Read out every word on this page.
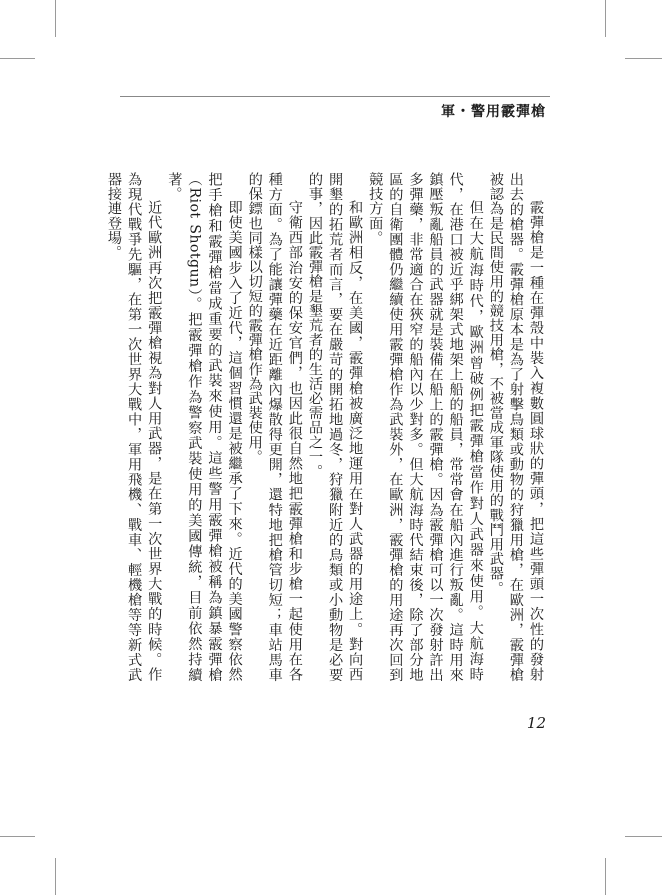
軍・警用霰彈槍

霰彈槍是一種在彈殼中裝入複數圓球狀的彈頭，把這些彈頭一次性的發射出去的槍器。霰彈槍原本是為了射擊鳥類或動物的狩獵用槍，在歐洲，霰彈槍被認為是民間使用的競技用槍，不被當成軍隊使用的戰鬥用武器。

但在大航海時代，歐洲曾破例把霰彈槍當作對人武器來使用。大航海時代，在港口被近乎綁架式地架上船的船員，常常會在船內進行叛亂。這時用來鎮壓叛亂船員的武器就是裝備在船上的霰彈槍。因為霰彈槍可以一次發射許出多彈藥，非常適合在狹窄的船內以少對多。但大航海時代結束後，除了部分地區的自衛團體仍繼續使用霰彈槍作為武裝外，在歐洲，霰彈槍的用途再次回到競技方面。

和歐洲相反，在美國，霰彈槍被廣泛地運用在對人武器的用途上。對向西開墾的拓荒者而言，要在嚴苛的開拓地過冬，狩獵附近的鳥類或小動物是必要的事，因此霰彈槍是墾荒者的生活必需品之一。

守衛西部治安的保安官們，也因此很自然地把霰彈槍和步槍一起使用在各種方面。為了能讓彈藥在近距離內爆散得更開，還特地把槍管切短；車站馬車的保鏢也同樣以切短的霰彈槍作為武裝使用。

即使美國步入了近代，這個習慣還是被繼承了下來。近代的美國警察依然把手槍和霰彈槍當成重要的武裝來使用。這些警用霰彈槍被稱為鎮暴霰彈槍（Riot Shotgun）。把霰彈槍作為警察武裝使用的美國傳統，目前依然持續著。

近代歐洲再次把霰彈槍視為對人用武器，是在第一次世界大戰的時候。作為現代戰爭先驅，在第一次世界大戰中，軍用飛機、戰車、輕機槍等等新式武器接連登場。

12
